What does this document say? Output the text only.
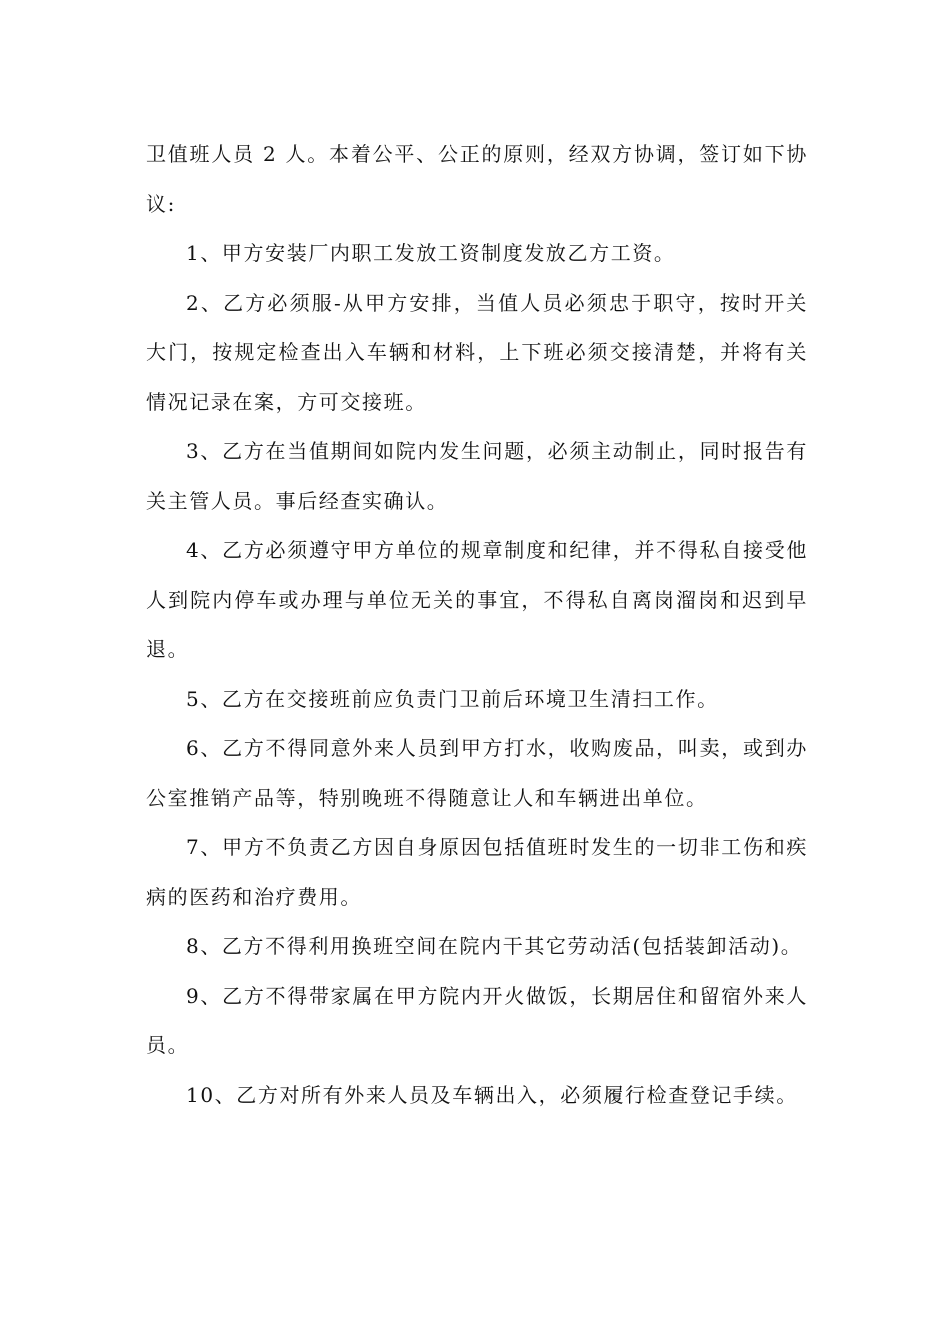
卫值班人员 2 人。本着公平、公正的原则，经双方协调，签订如下协议:

1、甲方安装厂内职工发放工资制度发放乙方工资。

2、乙方必须服-从甲方安排，当值人员必须忠于职守，按时开关大门，按规定检查出入车辆和材料，上下班必须交接清楚，并将有关情况记录在案，方可交接班。

3、乙方在当值期间如院内发生问题，必须主动制止，同时报告有关主管人员。事后经查实确认。

4、乙方必须遵守甲方单位的规章制度和纪律，并不得私自接受他人到院内停车或办理与单位无关的事宜，不得私自离岗溜岗和迟到早退。

5、乙方在交接班前应负责门卫前后环境卫生清扫工作。

6、乙方不得同意外来人员到甲方打水，收购废品，叫卖，或到办公室推销产品等，特别晚班不得随意让人和车辆进出单位。

7、甲方不负责乙方因自身原因包括值班时发生的一切非工伤和疾病的医药和治疗费用。

8、乙方不得利用换班空间在院内干其它劳动活(包括装卸活动)。

9、乙方不得带家属在甲方院内开火做饭，长期居住和留宿外来人员。

10、乙方对所有外来人员及车辆出入，必须履行检查登记手续。
